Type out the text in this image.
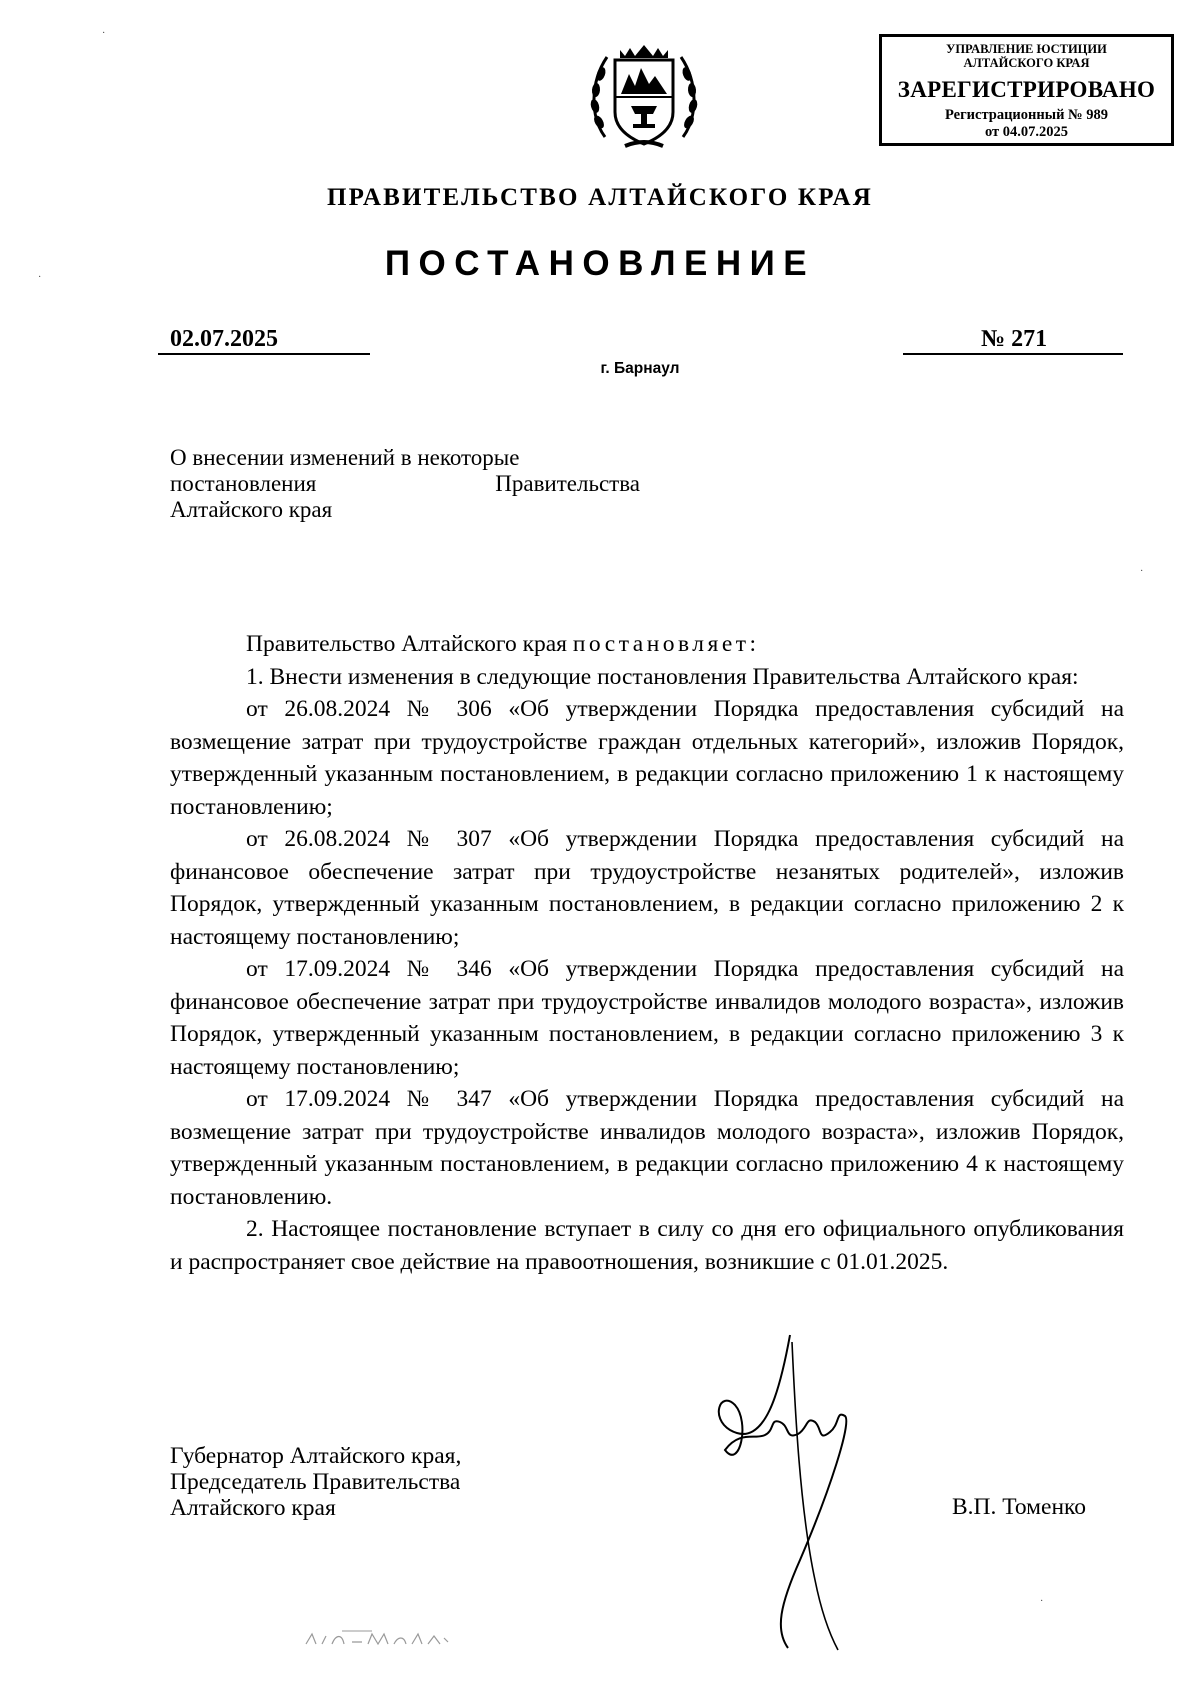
УПРАВЛЕНИЕ ЮСТИЦИИ
АЛТАЙСКОГО КРАЯ
ЗАРЕГИСТРИРОВАНО
Регистрационный № 989
от 04.07.2025
ПРАВИТЕЛЬСТВО АЛТАЙСКОГО КРАЯ
ПОСТАНОВЛЕНИЕ
02.07.2025	№ 271
г. Барнаул
О внесении изменений в некоторые
постановления	Правительства
Алтайского края

Правительство Алтайского края постановляет:

1. Внести изменения в следующие постановления Правительства Алтайского края:

от 26.08.2024 № 306 «Об утверждении Порядка предоставления субсидий на возмещение затрат при трудоустройстве граждан отдельных категорий», изложив Порядок, утвержденный указанным постановлением, в редакции согласно приложению 1 к настоящему постановлению;

от 26.08.2024 № 307 «Об утверждении Порядка предоставления субсидий на финансовое обеспечение затрат при трудоустройстве незанятых родителей», изложив Порядок, утвержденный указанным постановлением, в редакции согласно приложению 2 к настоящему постановлению;

от 17.09.2024 № 346 «Об утверждении Порядка предоставления субсидий на финансовое обеспечение затрат при трудоустройстве инвалидов молодого возраста», изложив Порядок, утвержденный указанным постановлением, в редакции согласно приложению 3 к настоящему постановлению;

от 17.09.2024 № 347 «Об утверждении Порядка предоставления субсидий на возмещение затрат при трудоустройстве инвалидов молодого возраста», изложив Порядок, утвержденный указанным постановлением, в редакции согласно приложению 4 к настоящему постановлению.

2. Настоящее постановление вступает в силу со дня его официального опубликования и распространяет свое действие на правоотношения, возникшие с 01.01.2025.

Губернатор Алтайского края,
Председатель Правительства
Алтайского края	В.П. Томенко
·
·
·
·
